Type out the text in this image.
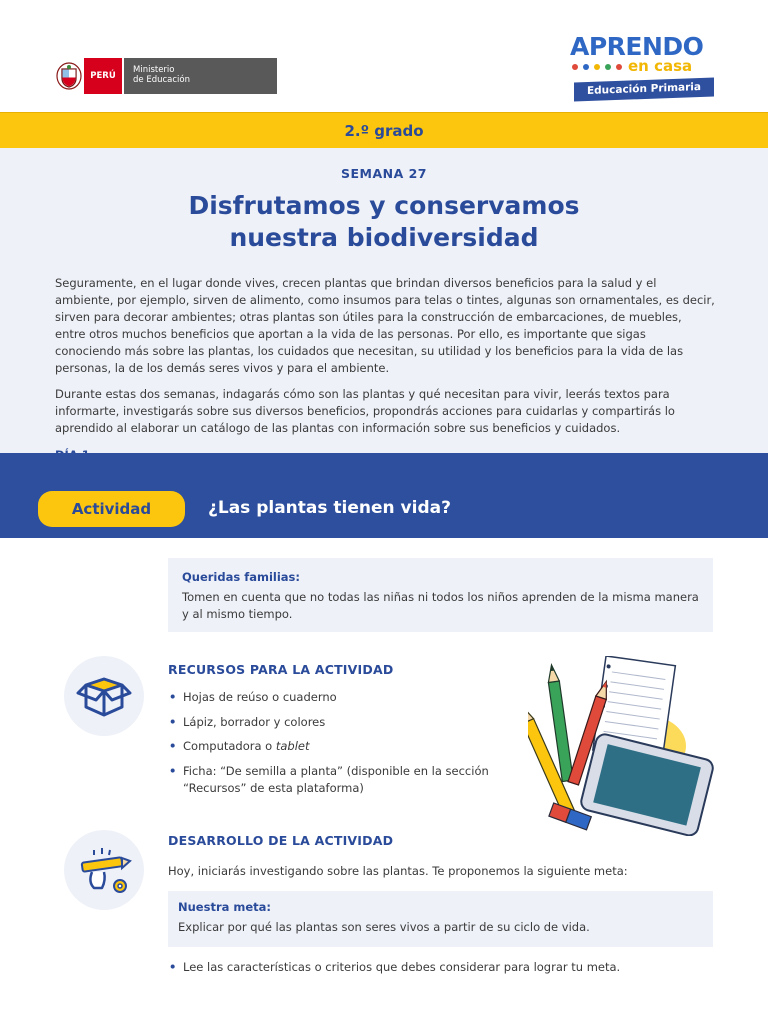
PERÚ
Ministerio
de Educación
APRENDO
en casa
Educación Primaria
2.º grado
SEMANA 27
Disfrutamos y conservamos
nuestra biodiversidad

Seguramente, en el lugar donde vives, crecen plantas que brindan diversos beneficios para la salud y el ambiente, por ejemplo, sirven de alimento, como insumos para telas o tintes, algunas son ornamentales, es decir, sirven para decorar ambientes; otras plantas son útiles para la construcción de embarcaciones, de muebles, entre otros muchos beneficios que aportan a la vida de las personas. Por ello, es importante que sigas conociendo más sobre las plantas, los cuidados que necesitan, su utilidad y los beneficios para la vida de las personas, la de los demás seres vivos y para el ambiente.

Durante estas dos semanas, indagarás cómo son las plantas y qué necesitan para vivir, leerás textos para informarte, investigarás sobre sus diversos beneficios, propondrás acciones para cuidarlas y compartirás lo aprendido al elaborar un catálogo de las plantas con información sobre sus beneficios y cuidados.

Actividad	¿Las plantas tienen vida?
Queridas familias:
Tomen en cuenta que no todas las niñas ni todos los niños aprenden de la misma manera y al mismo tiempo.
RECURSOS PARA LA ACTIVIDAD
• Hojas de reúso o cuaderno
• Lápiz, borrador y colores
• Computadora o tablet
• Ficha: “De semilla a planta” (disponible en la sección “Recursos” de esta plataforma)
DESARROLLO DE LA ACTIVIDAD
Hoy, iniciarás investigando sobre las plantas. Te proponemos la siguiente meta:
Nuestra meta:
Explicar por qué las plantas son seres vivos a partir de su ciclo de vida.
• Lee las características o criterios que debes considerar para lograr tu meta.
